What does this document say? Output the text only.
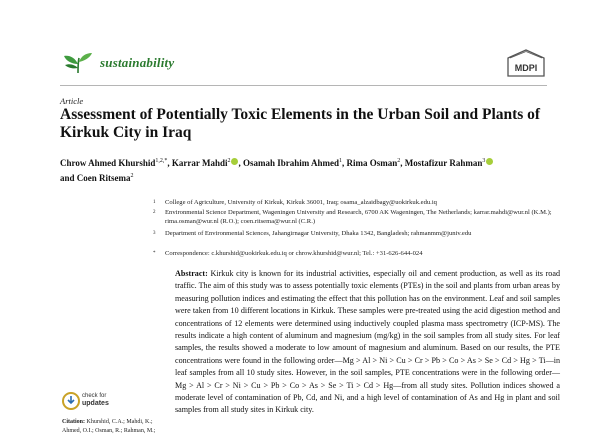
sustainability	MDPI
Article
Assessment of Potentially Toxic Elements in the Urban Soil and Plants of Kirkuk City in Iraq
Chrow Ahmed Khurshid$^{1,2,*}$, Karrar Mahdi$^2$ , Osamah Ibrahim Ahmed$^1$, Rima Osman$^2$, Mostafizur Rahman$^3$
and Coen Ritsema$^2$
1 College of Agriculture, University of Kirkuk, Kirkuk 36001, Iraq; osama_alzaidbagy@uokirkuk.edu.iq
2 Environmental Science Department, Wageningen University and Research, 6700 AK Wageningen, The Netherlands; karrar.mahdi@wur.nl (K.M.); rima.osman@wur.nl (R.O.); coen.ritsema@wur.nl (C.R.)
3 Department of Environmental Sciences, Jahangirnagar University, Dhaka 1342, Bangladesh; rahmanmm@juniv.edu
* Correspondence: c.khurshid@uokirkuk.edu.iq or chrow.khurshid@wur.nl; Tel.: +31-626-644-024
Abstract: Kirkuk city is known for its industrial activities, especially oil and cement production, as well as its road traffic. The aim of this study was to assess potentially toxic elements (PTEs) in the soil and plants from urban areas by measuring pollution indices and estimating the effect that this pollution has on the environment. Leaf and soil samples were taken from 10 different locations in Kirkuk. These samples were pre-treated using the acid digestion method and concentrations of 12 elements were determined using inductively coupled plasma mass spectrometry (ICP-MS). The results indicate a high content of aluminum and magnesium (mg/kg) in the soil samples from all study sites. For leaf samples, the results showed a moderate to low amount of magnesium and aluminum. Based on our results, the PTE concentrations were found in the following order—Mg > Al > Ni > Cu > Cr > Pb > Co > As > Se > Cd > Hg > Ti—in leaf samples from all 10 study sites. However, in the soil samples, PTE concentrations were in the following order—Mg > Al > Cr > Ni > Cu > Pb > Co > As > Se > Ti > Cd > Hg—from all study sites. Pollution indices showed a moderate level of contamination of Pb, Cd, and Ni, and a high level of contamination of As and Hg in plant and soil samples from all study sites in Kirkuk city.
check for
updates
Citation: Khurshid, C.A.; Mahdi, K.; Ahmed, O.I.; Osman, R.; Rahman, M.;
